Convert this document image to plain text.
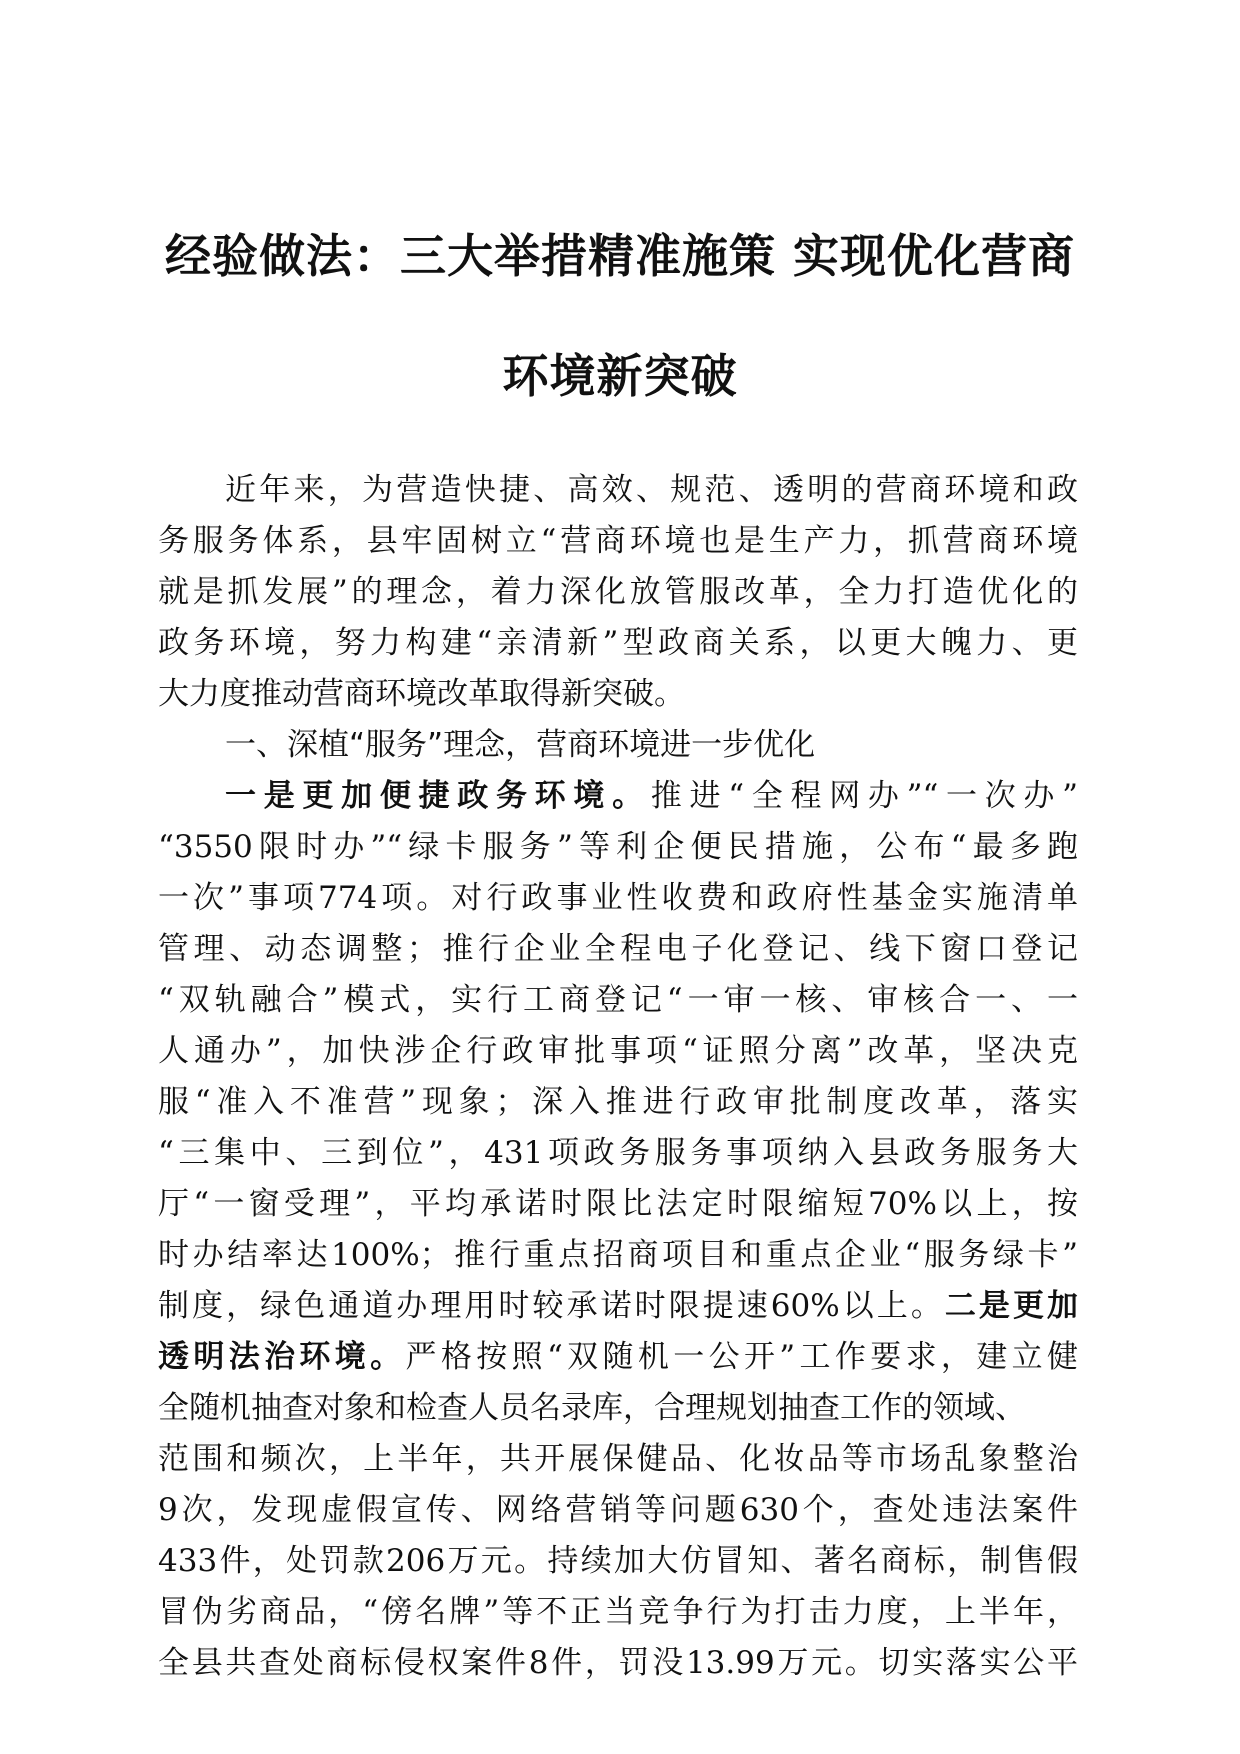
经验做法：三大举措精准施策 实现优化营商
环境新突破
近年来，为营造快捷、高效、规范、透明的营商环境和政
务服务体系，县牢固树立“营商环境也是生产力，抓营商环境
就是抓发展”的理念，着力深化放管服改革，全力打造优化的
政务环境，努力构建“亲清新”型政商关系，以更大魄力、更
大力度推动营商环境改革取得新突破。
一、深植“服务”理念，营商环境进一步优化
一是更加便捷政务环境。推进“全程网办”“一次办”
“3550限时办”“绿卡服务”等利企便民措施，公布“最多跑
一次”事项774项。对行政事业性收费和政府性基金实施清单
管理、动态调整；推行企业全程电子化登记、线下窗口登记
“双轨融合”模式，实行工商登记“一审一核、审核合一、一
人通办”，加快涉企行政审批事项“证照分离”改革，坚决克
服“准入不准营”现象；深入推进行政审批制度改革，落实
“三集中、三到位”，431项政务服务事项纳入县政务服务大
厅“一窗受理”，平均承诺时限比法定时限缩短70%以上，按
时办结率达100%；推行重点招商项目和重点企业“服务绿卡”
制度，绿色通道办理用时较承诺时限提速60%以上。二是更加
透明法治环境。严格按照“双随机一公开”工作要求，建立健
全随机抽查对象和检查人员名录库，合理规划抽查工作的领域、
范围和频次，上半年，共开展保健品、化妆品等市场乱象整治
9次，发现虚假宣传、网络营销等问题630个，查处违法案件
433件，处罚款206万元。持续加大仿冒知、著名商标，制售假
冒伪劣商品，“傍名牌”等不正当竞争行为打击力度，上半年，
全县共查处商标侵权案件8件，罚没13.99万元。切实落实公平
